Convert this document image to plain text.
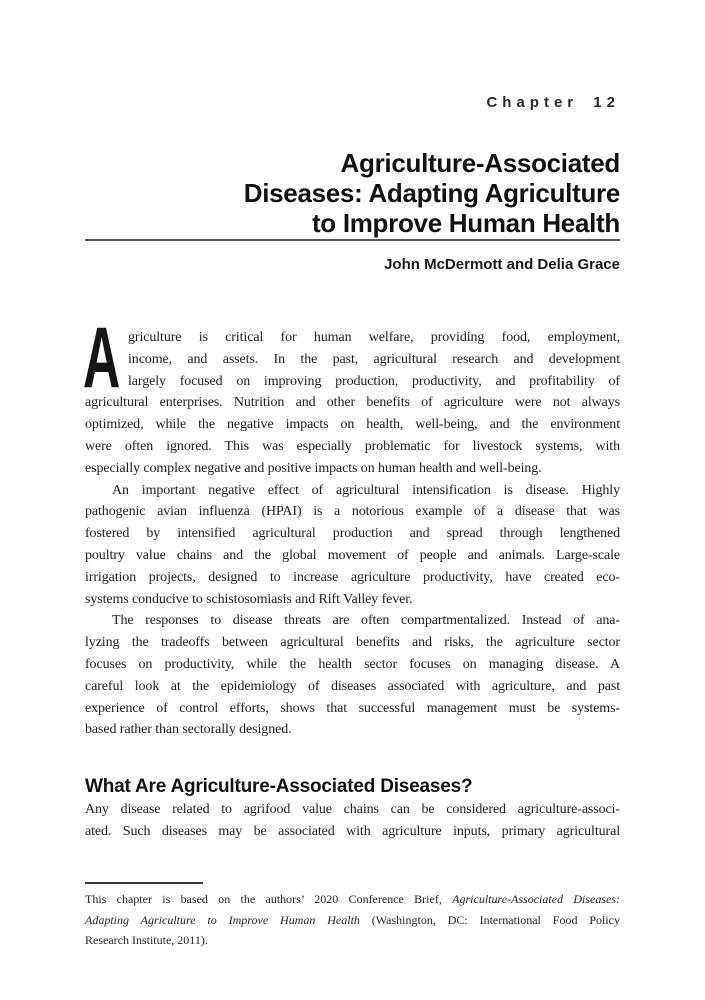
Chapter 12
Agriculture-Associated
Diseases: Adapting Agriculture
to Improve Human Health
John McDermott and Delia Grace
A griculture is critical for human welfare, providing food, employment,
income, and assets. In the past, agricultural research and development
largely focused on improving production, productivity, and profitability of
agricultural enterprises. Nutrition and other benefits of agriculture were not always
optimized, while the negative impacts on health, well-being, and the environment
were often ignored. This was especially problematic for livestock systems, with
especially complex negative and positive impacts on human health and well-being.
An important negative effect of agricultural intensification is disease. Highly
pathogenic avian influenza (HPAI) is a notorious example of a disease that was
fostered by intensified agricultural production and spread through lengthened
poultry value chains and the global movement of people and animals. Large-scale
irrigation projects, designed to increase agriculture productivity, have created eco-
systems conducive to schistosomiasis and Rift Valley fever.
The responses to disease threats are often compartmentalized. Instead of ana-
lyzing the tradeoffs between agricultural benefits and risks, the agriculture sector
focuses on productivity, while the health sector focuses on managing disease. A
careful look at the epidemiology of diseases associated with agriculture, and past
experience of control efforts, shows that successful management must be systems-
based rather than sectorally designed.
What Are Agriculture-Associated Diseases?
Any disease related to agrifood value chains can be considered agriculture-associ-
ated. Such diseases may be associated with agriculture inputs, primary agricultural
This chapter is based on the authors’ 2020 Conference Brief, Agriculture-Associated Diseases:
Adapting Agriculture to Improve Human Health (Washington, DC: International Food Policy
Research Institute, 2011).
